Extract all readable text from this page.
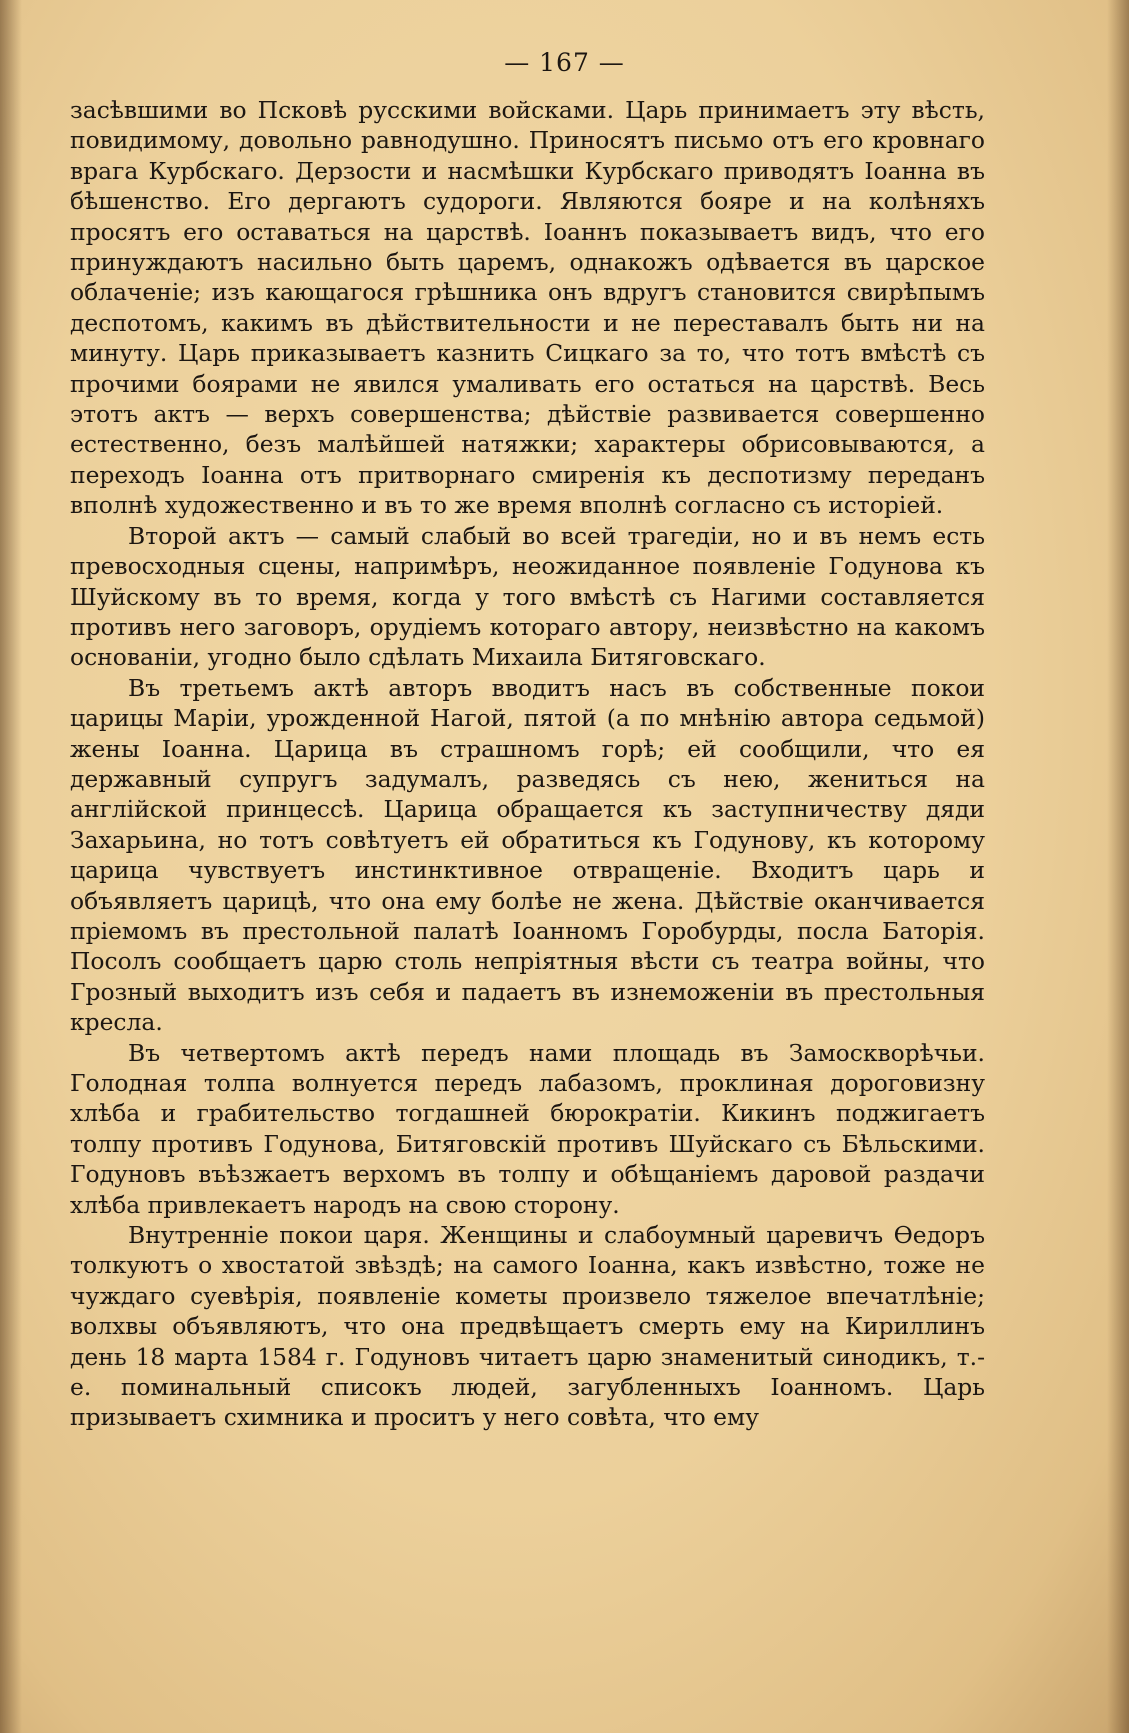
— 167 —

засѣвшими во Псковѣ русскими войсками. Царь принимаетъ эту вѣсть, повидимому, довольно равнодушно. Приносятъ письмо отъ его кровнаго врага Курбскаго. Дерзости и насмѣшки Курбскаго приводятъ Іоанна въ бѣшенство. Его дергаютъ судороги. Являются бояре и на колѣняхъ просятъ его оставаться на царствѣ. Іоаннъ показываетъ видъ, что его принуждаютъ насильно быть царемъ, однакожъ одѣвается въ царское облаченіе; изъ кающагося грѣшника онъ вдругъ становится свирѣпымъ деспотомъ, какимъ въ дѣйствительности и не переставалъ быть ни на минуту. Царь приказываетъ казнить Сицкаго за то, что тотъ вмѣстѣ съ прочими боярами не явился умаливать его остаться на царствѣ. Весь этотъ актъ — верхъ совершенства; дѣйствіе развивается совершенно естественно, безъ малѣйшей натяжки; характеры обрисовываются, а переходъ Іоанна отъ притворнаго смиренія къ деспотизму переданъ вполнѣ художественно и въ то же время вполнѣ согласно съ исторіей.

Второй актъ — самый слабый во всей трагедіи, но и въ немъ есть превосходныя сцены, напримѣръ, неожиданное появленіе Годунова къ Шуйскому въ то время, когда у того вмѣстѣ съ Нагими составляется противъ него заговоръ, орудіемъ котораго автору, неизвѣстно на какомъ основаніи, угодно было сдѣлать Михаила Битяговскаго.

Въ третьемъ актѣ авторъ вводитъ насъ въ собственные покои царицы Маріи, урожденной Нагой, пятой (а по мнѣнію автора седьмой) жены Іоанна. Царица въ страшномъ горѣ; ей сообщили, что ея державный супругъ задумалъ, разведясь съ нею, жениться на англійской принцессѣ. Царица обращается къ заступничеству дяди Захарьина, но тотъ совѣтуетъ ей обратиться къ Годунову, къ которому царица чувствуетъ инстинктивное отвращеніе. Входитъ царь и объявляетъ царицѣ, что она ему болѣе не жена. Дѣйствіе оканчивается пріемомъ въ престольной палатѣ Іоанномъ Горобурды, посла Баторія. Посолъ сообщаетъ царю столь непріятныя вѣсти съ театра войны, что Грозный выходитъ изъ себя и падаетъ въ изнеможеніи въ престольныя кресла.

Въ четвертомъ актѣ передъ нами площадь въ Замоскворѣчьи. Голодная толпа волнуется передъ лабазомъ, проклиная дороговизну хлѣба и грабительство тогдашней бюрократіи. Кикинъ поджигаетъ толпу противъ Годунова, Битяговскій противъ Шуйскаго съ Бѣльскими. Годуновъ въѣзжаетъ верхомъ въ толпу и обѣщаніемъ даровой раздачи хлѣба привлекаетъ народъ на свою сторону.

Внутренніе покои царя. Женщины и слабоумный царевичъ Ѳедоръ толкуютъ о хвостатой звѣздѣ; на самого Іоанна, какъ извѣстно, тоже не чуждаго суевѣрія, появленіе кометы произвело тяжелое впечатлѣніе; волхвы объявляютъ, что она предвѣщаетъ смерть ему на Кириллинъ день 18 марта 1584 г. Годуновъ читаетъ царю знаменитый синодикъ, т.-е. поминальный списокъ людей, загубленныхъ Іоанномъ. Царь призываетъ схимника и проситъ у него совѣта, что ему
